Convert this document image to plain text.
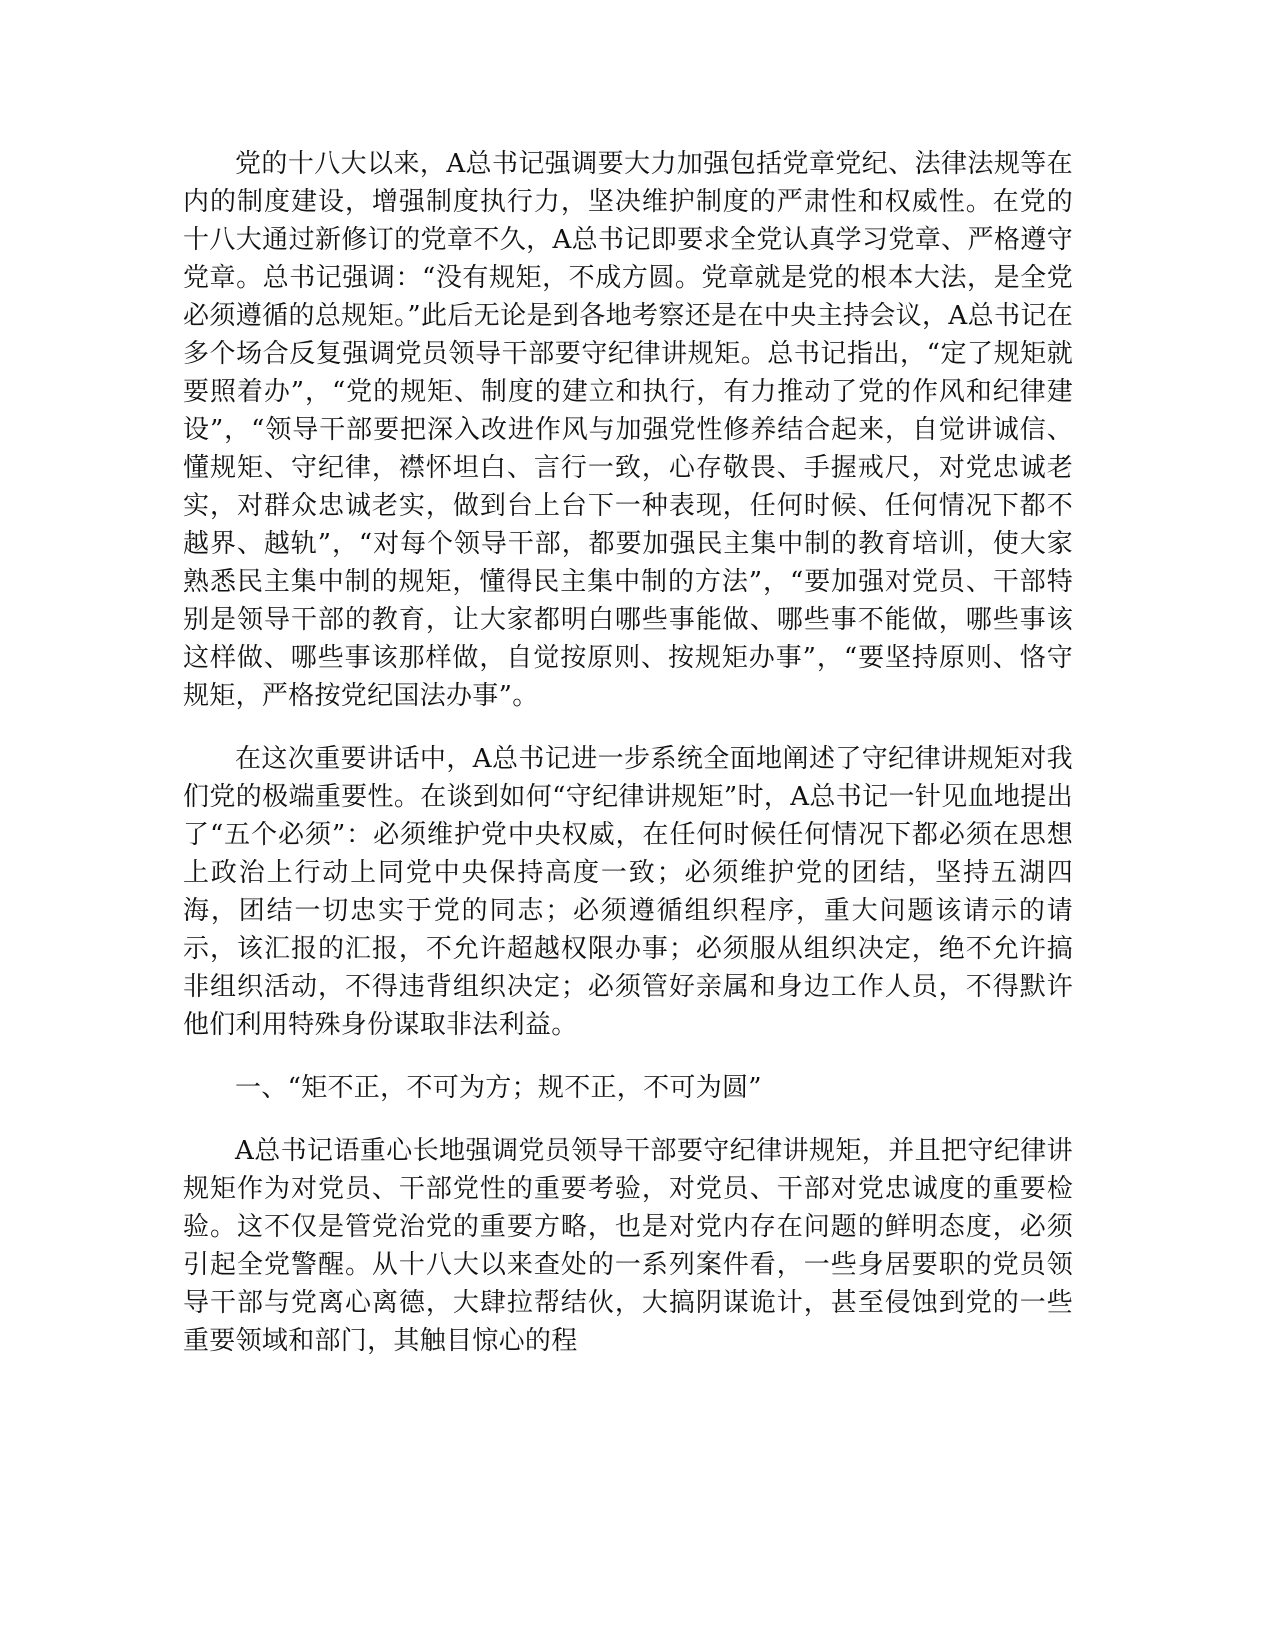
党的十八大以来，A总书记强调要大力加强包括党章党纪、法律法规等在内的制度建设，增强制度执行力，坚决维护制度的严肃性和权威性。在党的十八大通过新修订的党章不久，A总书记即要求全党认真学习党章、严格遵守党章。总书记强调：“没有规矩，不成方圆。党章就是党的根本大法，是全党必须遵循的总规矩。”此后无论是到各地考察还是在中央主持会议，A总书记在多个场合反复强调党员领导干部要守纪律讲规矩。总书记指出，“定了规矩就要照着办”，“党的规矩、制度的建立和执行，有力推动了党的作风和纪律建设”，“领导干部要把深入改进作风与加强党性修养结合起来，自觉讲诚信、懂规矩、守纪律，襟怀坦白、言行一致，心存敬畏、手握戒尺，对党忠诚老实，对群众忠诚老实，做到台上台下一种表现，任何时候、任何情况下都不越界、越轨”，“对每个领导干部，都要加强民主集中制的教育培训，使大家熟悉民主集中制的规矩，懂得民主集中制的方法”，“要加强对党员、干部特别是领导干部的教育，让大家都明白哪些事能做、哪些事不能做，哪些事该这样做、哪些事该那样做，自觉按原则、按规矩办事”，“要坚持原则、恪守规矩，严格按党纪国法办事”。

在这次重要讲话中，A总书记进一步系统全面地阐述了守纪律讲规矩对我们党的极端重要性。在谈到如何“守纪律讲规矩”时，A总书记一针见血地提出了“五个必须”：必须维护党中央权威，在任何时候任何情况下都必须在思想上政治上行动上同党中央保持高度一致；必须维护党的团结，坚持五湖四海，团结一切忠实于党的同志；必须遵循组织程序，重大问题该请示的请示，该汇报的汇报，不允许超越权限办事；必须服从组织决定，绝不允许搞非组织活动，不得违背组织决定；必须管好亲属和身边工作人员，不得默许他们利用特殊身份谋取非法利益。

一、“矩不正，不可为方；规不正，不可为圆”

A总书记语重心长地强调党员领导干部要守纪律讲规矩，并且把守纪律讲规矩作为对党员、干部党性的重要考验，对党员、干部对党忠诚度的重要检验。这不仅是管党治党的重要方略，也是对党内存在问题的鲜明态度，必须引起全党警醒。从十八大以来查处的一系列案件看，一些身居要职的党员领导干部与党离心离德，大肆拉帮结伙，大搞阴谋诡计，甚至侵蚀到党的一些重要领域和部门，其触目惊心的程
